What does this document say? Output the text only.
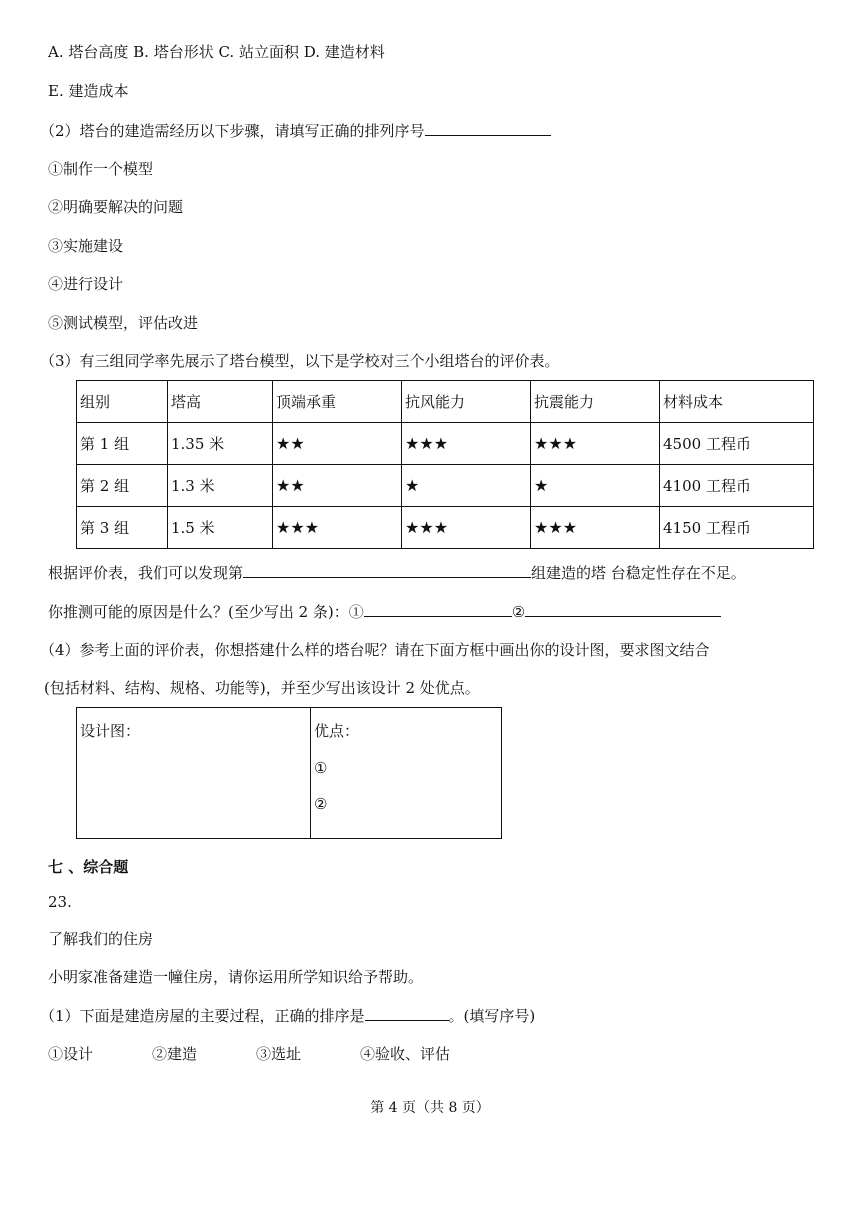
A. 塔台高度 B. 塔台形状 C. 站立面积 D. 建造材料
E. 建造成本
（2）塔台的建造需经历以下步骤，请填写正确的排列序号
①制作一个模型
②明确要解决的问题
③实施建设
④进行设计
⑤测试模型，评估改进
（3）有三组同学率先展示了塔台模型，以下是学校对三个小组塔台的评价表。
组别	塔高	顶端承重	抗风能力	抗震能力	材料成本
第 1 组	1.35 米	★★	★★★	★★★	4500 工程币
第 2 组	1.3 米	★★	★	★	4100 工程币
第 3 组	1.5 米	★★★	★★★	★★★	4150 工程币
根据评价表，我们可以发现第	组建造的塔 台稳定性存在不足。
你推测可能的原因是什么？(至少写出 2 条)：①	②
（4）参考上面的评价表，你想搭建什么样的塔台呢？请在下面方框中画出你的设计图，要求图文结合
(包括材料、结构、规格、功能等)，并至少写出该设计 2 处优点。
设计图：	优点：
①
②
七 、综合题
23.
了解我们的住房
小明家准备建造一幢住房，请你运用所学知识给予帮助。
（1）下面是建造房屋的主要过程，正确的排序是	。(填写序号)
①设计	②建造	③选址	④验收、评估
第 4 页（共 8 页）
